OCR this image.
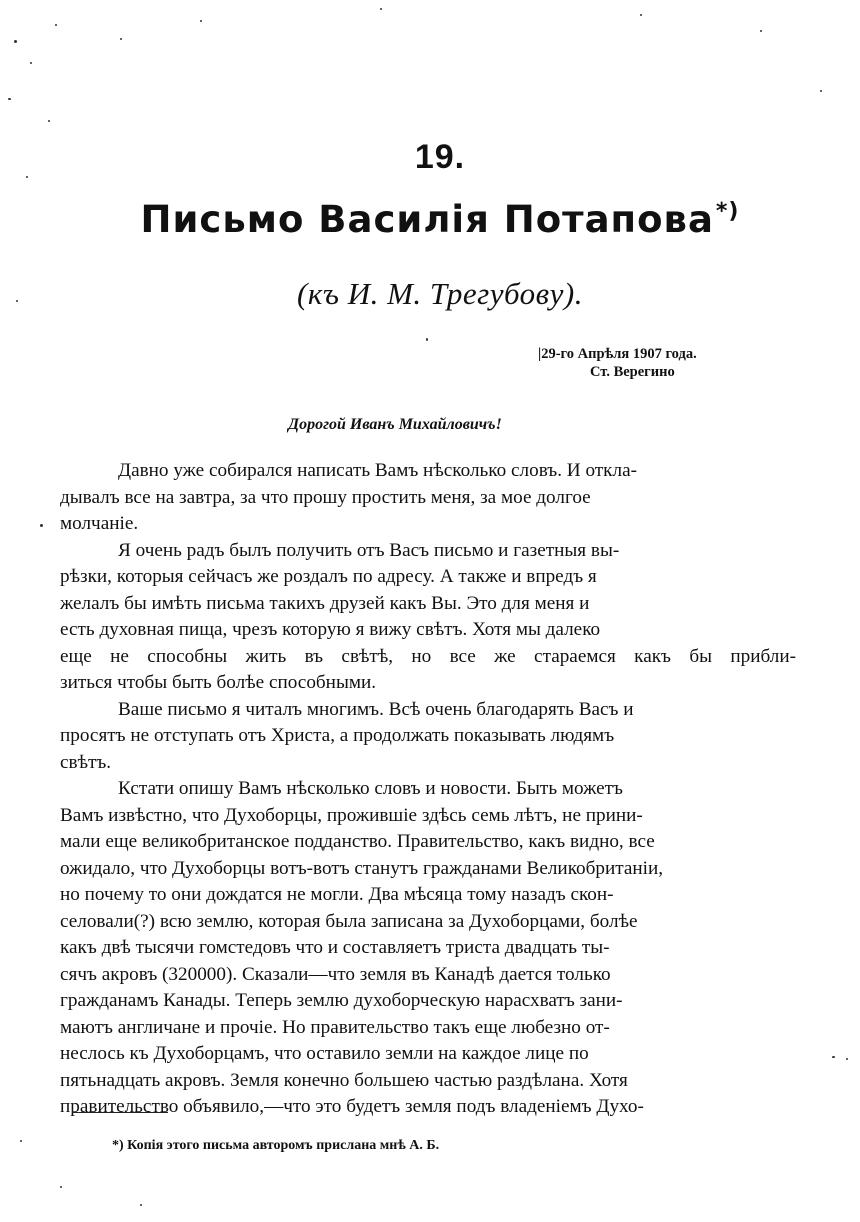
19.
Письмо Василія Потапова*)
(къ И. М. Трегубову).
|29-го Апрѣля 1907 года.
Ст. Верегино
Дорогой Иванъ Михайловичъ!
Давно уже собирался написать Вамъ нѣсколько словъ. И откла-
дывалъ все на завтра, за что прошу простить меня, за мое долгое
молчаніе.
Я очень радъ былъ получить отъ Васъ письмо и газетныя вы-
рѣзки, которыя сейчасъ же роздалъ по адресу. А также и впредъ я
желалъ бы имѣть письма такихъ друзей какъ Вы. Это для меня и
есть духовная пища, чрезъ которую я вижу свѣтъ. Хотя мы далеко
еще не способны жить въ свѣтѣ, но все же стараемся какъ бы прибли-
зиться чтобы быть болѣе способными.
Ваше письмо я читалъ многимъ. Всѣ очень благодарять Васъ и
просятъ не отступать отъ Христа, а продолжать показывать людямъ
свѣтъ.
Кстати опишу Вамъ нѣсколько словъ и новости. Быть можетъ
Вамъ извѣстно, что Духоборцы, прожившіе здѣсь семь лѣтъ, не прини-
мали еще великобританское подданство. Правительство, какъ видно, все
ожидало, что Духоборцы вотъ-вотъ станутъ гражданами Великобританіи,
но почему то они дождатся не могли. Два мѣсяца тому назадъ скон-
селовали(?) всю землю, которая была записана за Духоборцами, болѣе
какъ двѣ тысячи гомстедовъ что и составляетъ триста двадцать ты-
сячъ акровъ (320000). Сказали—что земля въ Канадѣ дается только
гражданамъ Канады. Теперь землю духоборческую нарасхватъ зани-
маютъ англичане и прочіе. Но правительство такъ еще любезно от-
неслось къ Духоборцамъ, что оставило земли на каждое лице по
пятьнадцать акровъ. Земля конечно большею частью раздѣлана. Хотя
правительство объявило,—что это будетъ земля подъ владеніемъ Духо-
*) Копія этого письма авторомъ прислана мнѣ А. Б.
